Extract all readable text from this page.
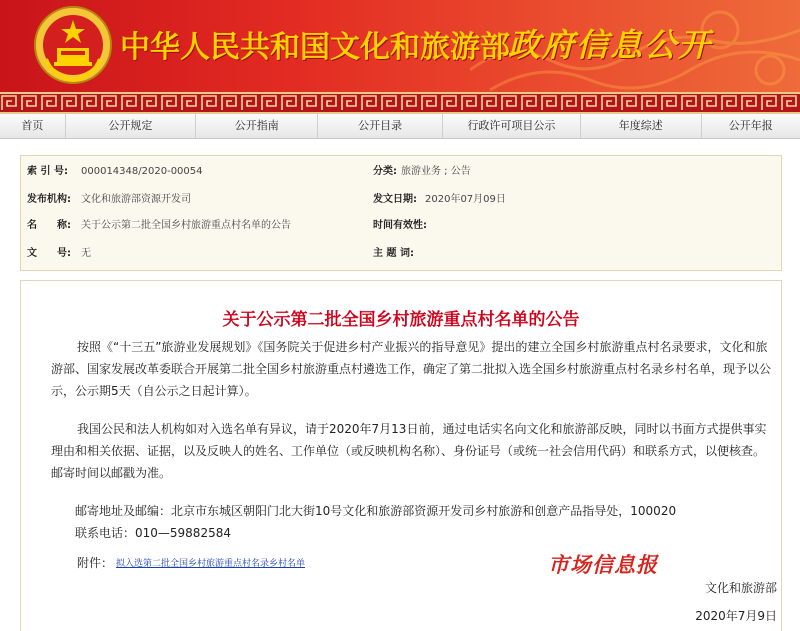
中华人民共和国文化和旅游部
政府信息公开
首页	公开规定	公开指南	公开目录	行政许可项目公示	年度综述	公开年报
索 引 号: 000014348/2020-00054	分类: 旅游业务 ; 公告
发布机构: 文化和旅游部资源开发司	发文日期: 2020年07月09日
名　　称: 关于公示第二批全国乡村旅游重点村名单的公告	时间有效性:
文　　号: 无	主 题 词:
关于公示第二批全国乡村旅游重点村名单的公告

按照《“十三五”旅游业发展规划》《国务院关于促进乡村产业振兴的指导意见》提出的建立全国乡村旅游重点村名录要求，文化和旅游部、国家发展改革委联合开展第二批全国乡村旅游重点村遴选工作，确定了第二批拟入选全国乡村旅游重点村名录乡村名单，现予以公示，公示期5天（自公示之日起计算）。

我国公民和法人机构如对入选名单有异议，请于2020年7月13日前，通过电话实名向文化和旅游部反映，同时以书面方式提供事实理由和相关依据、证据，以及反映人的姓名、工作单位（或反映机构名称）、身份证号（或统一社会信用代码）和联系方式，以便核查。邮寄时间以邮戳为准。

邮寄地址及邮编：北京市东城区朝阳门北大街10号文化和旅游部资源开发司乡村旅游和创意产品指导处，100020
联系电话：010—59882584
附件： 拟入选第二批全国乡村旅游重点村名录乡村名单	市场信息报
文化和旅游部
2020年7月9日
